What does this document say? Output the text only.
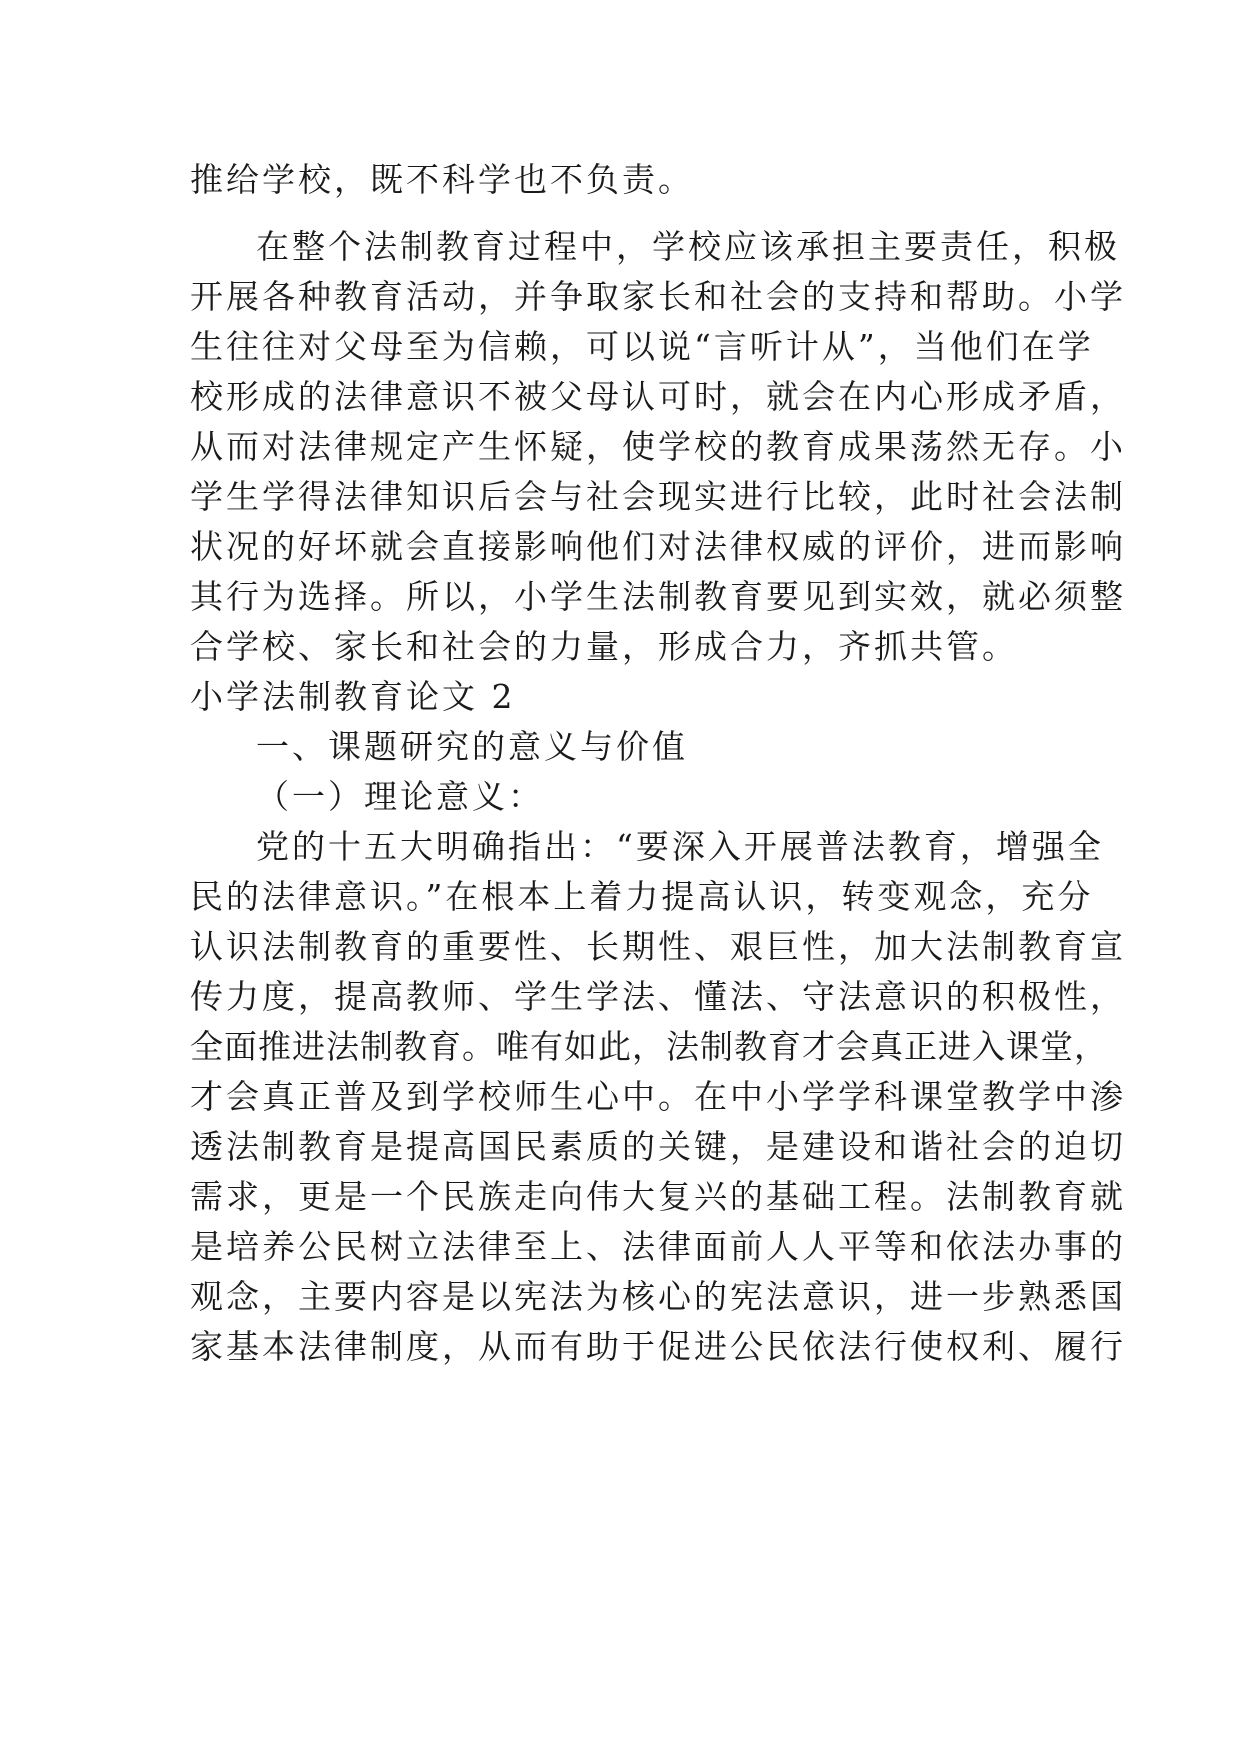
推给学校，既不科学也不负责。
在整个法制教育过程中，学校应该承担主要责任，积极
开展各种教育活动，并争取家长和社会的支持和帮助。小学
生往往对父母至为信赖，可以说“言听计从”，当他们在学
校形成的法律意识不被父母认可时，就会在内心形成矛盾，
从而对法律规定产生怀疑，使学校的教育成果荡然无存。小
学生学得法律知识后会与社会现实进行比较，此时社会法制
状况的好坏就会直接影响他们对法律权威的评价，进而影响
其行为选择。所以，小学生法制教育要见到实效，就必须整
合学校、家长和社会的力量，形成合力，齐抓共管。
小学法制教育论文 2
一、课题研究的意义与价值
（一）理论意义：
党的十五大明确指出：“要深入开展普法教育，增强全
民的法律意识。”在根本上着力提高认识，转变观念，充分
认识法制教育的重要性、长期性、艰巨性，加大法制教育宣
传力度，提高教师、学生学法、懂法、守法意识的积极性，
全面推进法制教育。唯有如此，法制教育才会真正进入课堂，
才会真正普及到学校师生心中。在中小学学科课堂教学中渗
透法制教育是提高国民素质的关键，是建设和谐社会的迫切
需求，更是一个民族走向伟大复兴的基础工程。法制教育就
是培养公民树立法律至上、法律面前人人平等和依法办事的
观念，主要内容是以宪法为核心的宪法意识，进一步熟悉国
家基本法律制度，从而有助于促进公民依法行使权利、履行
